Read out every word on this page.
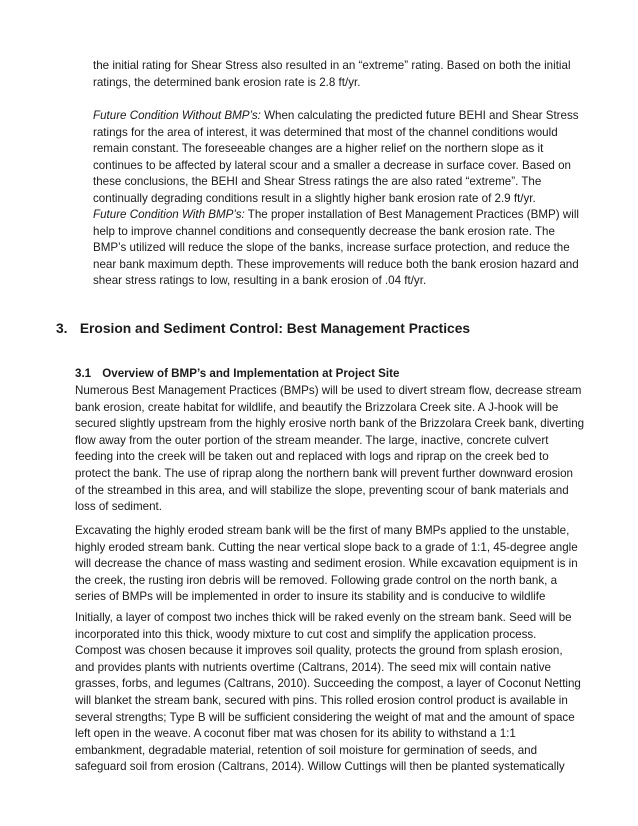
the initial rating for Shear Stress also resulted in an “extreme” rating. Based on both the initial ratings, the determined bank erosion rate is 2.8 ft/yr.

Future Condition Without BMP’s: When calculating the predicted future BEHI and Shear Stress ratings for the area of interest, it was determined that most of the channel conditions would remain constant. The foreseeable changes are a higher relief on the northern slope as it continues to be affected by lateral scour and a smaller a decrease in surface cover. Based on these conclusions, the BEHI and Shear Stress ratings the are also rated “extreme”. The continually degrading conditions result in a slightly higher bank erosion rate of 2.9 ft/yr.

Future Condition With BMP’s: The proper installation of Best Management Practices (BMP) will help to improve channel conditions and consequently decrease the bank erosion rate. The BMP’s utilized will reduce the slope of the banks, increase surface protection, and reduce the near bank maximum depth. These improvements will reduce both the bank erosion hazard and shear stress ratings to low, resulting in a bank erosion of .04 ft/yr.

3. Erosion and Sediment Control: Best Management Practices
3.1 Overview of BMP’s and Implementation at Project Site

Numerous Best Management Practices (BMPs) will be used to divert stream flow, decrease stream bank erosion, create habitat for wildlife, and beautify the Brizzolara Creek site. A J-hook will be secured slightly upstream from the highly erosive north bank of the Brizzolara Creek bank, diverting flow away from the outer portion of the stream meander. The large, inactive, concrete culvert feeding into the creek will be taken out and replaced with logs and riprap on the creek bed to protect the bank. The use of riprap along the northern bank will prevent further downward erosion of the streambed in this area, and will stabilize the slope, preventing scour of bank materials and loss of sediment.

Excavating the highly eroded stream bank will be the first of many BMPs applied to the unstable, highly eroded stream bank. Cutting the near vertical slope back to a grade of 1:1, 45-degree angle will decrease the chance of mass wasting and sediment erosion. While excavation equipment is in the creek, the rusting iron debris will be removed. Following grade control on the north bank, a series of BMPs will be implemented in order to insure its stability and is conducive to wildlife

Initially, a layer of compost two inches thick will be raked evenly on the stream bank. Seed will be incorporated into this thick, woody mixture to cut cost and simplify the application process. Compost was chosen because it improves soil quality, protects the ground from splash erosion, and provides plants with nutrients overtime (Caltrans, 2014). The seed mix will contain native grasses, forbs, and legumes (Caltrans, 2010). Succeeding the compost, a layer of Coconut Netting will blanket the stream bank, secured with pins. This rolled erosion control product is available in several strengths; Type B will be sufficient considering the weight of mat and the amount of space left open in the weave. A coconut fiber mat was chosen for its ability to withstand a 1:1 embankment, degradable material, retention of soil moisture for germination of seeds, and safeguard soil from erosion (Caltrans, 2014). Willow Cuttings will then be planted systematically
